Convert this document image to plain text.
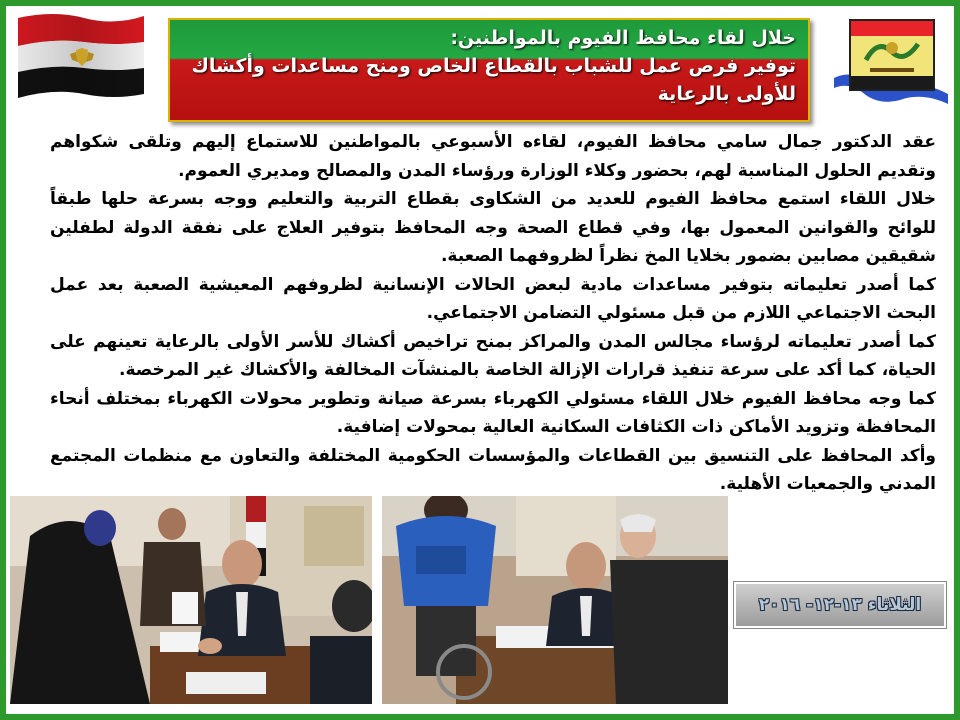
خلال لقاء محافظ الفيوم بالمواطنين:
توفير فرص عمل للشباب بالقطاع الخاص ومنح مساعدات وأكشاك
للأولى بالرعاية

عقد الدكتور جمال سامي محافظ الفيوم، لقاءه الأسبوعي بالمواطنين للاستماع إليهم وتلقى شكواهم وتقديم الحلول المناسبة لهم، بحضور وكلاء الوزارة ورؤساء المدن والمصالح ومديري العموم.

خلال اللقاء استمع محافظ الفيوم للعديد من الشكاوى بقطاع التربية والتعليم ووجه بسرعة حلها طبقاً للوائح والقوانين المعمول بها، وفي قطاع الصحة وجه المحافظ بتوفير العلاج على نفقة الدولة لطفلين شقيقين مصابين بضمور بخلايا المخ نظراً لظروفهما الصعبة.

كما أصدر تعليماته بتوفير مساعدات مادية لبعض الحالات الإنسانية لظروفهم المعيشية الصعبة بعد عمل البحث الاجتماعي اللازم من قبل مسئولي التضامن الاجتماعي.

كما أصدر تعليماته لرؤساء مجالس المدن والمراكز بمنح تراخيص أكشاك للأسر الأولى بالرعاية تعينهم على الحياة، كما أكد على سرعة تنفيذ قرارات الإزالة الخاصة بالمنشآت المخالفة والأكشاك غير المرخصة.

كما وجه محافظ الفيوم خلال اللقاء مسئولي الكهرباء بسرعة صيانة وتطوير محولات الكهرباء بمختلف أنحاء المحافظة وتزويد الأماكن ذات الكثافات السكانية العالية بمحولات إضافية.

وأكد المحافظ على التنسيق بين القطاعات والمؤسسات الحكومية المختلفة والتعاون مع منظمات المجتمع المدني والجمعيات الأهلية.

الثلاثاء ١٣-١٢- ٢٠١٦
